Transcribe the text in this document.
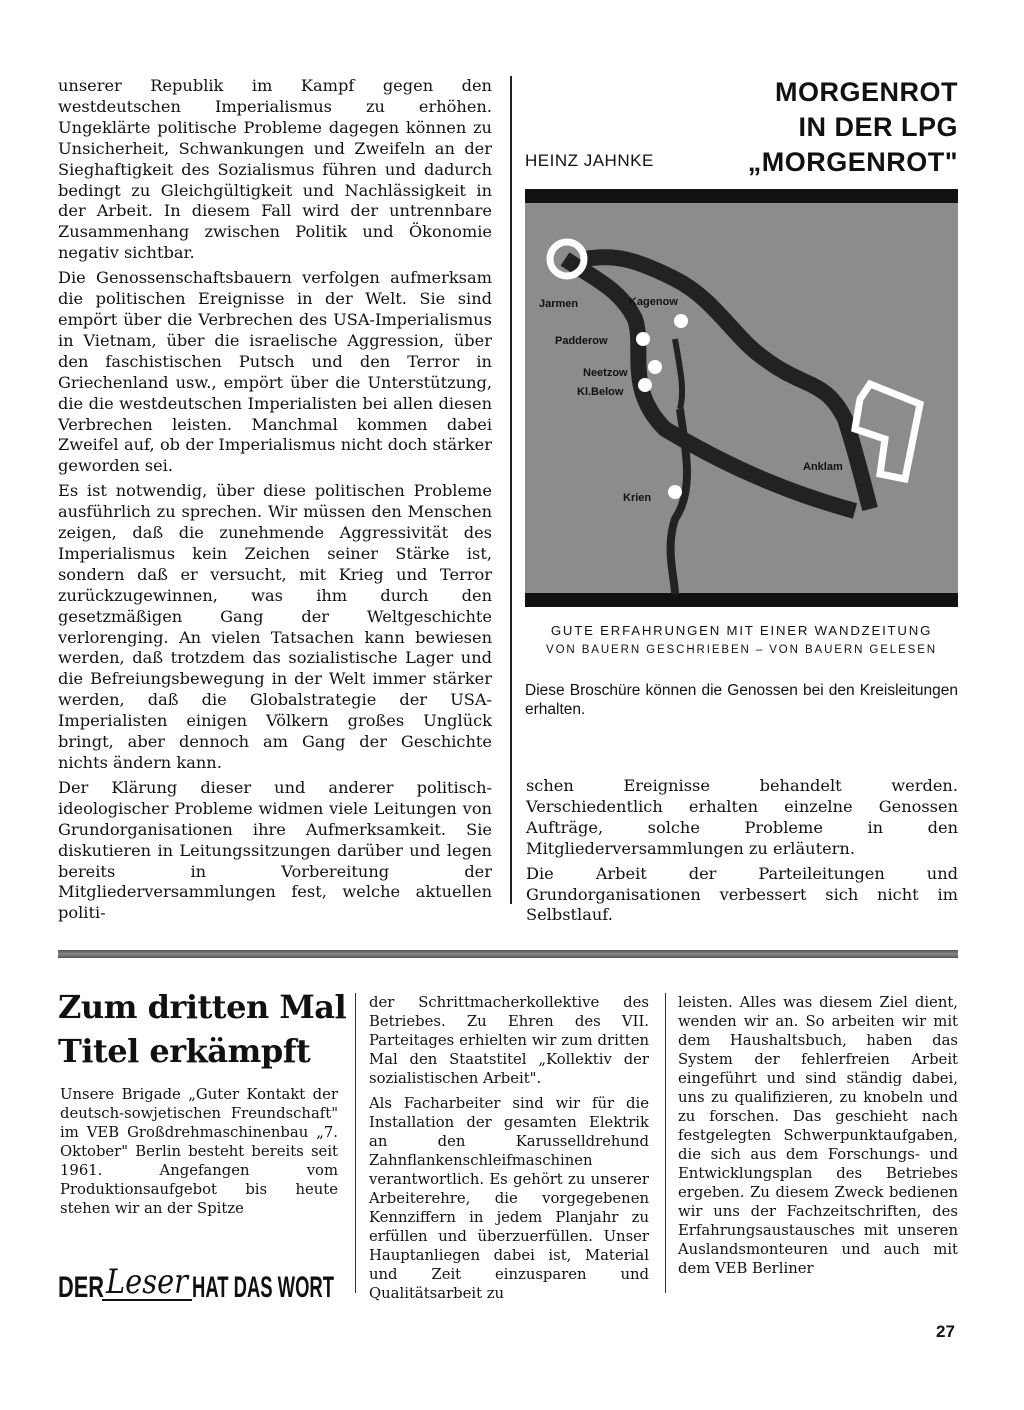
unserer Republik im Kampf gegen den westdeutschen Imperialismus zu erhöhen. Ungeklärte politische Probleme dagegen können zu Unsicherheit, Schwankungen und Zweifeln an der Sieghaftigkeit des Sozialismus führen und dadurch bedingt zu Gleichgültigkeit und Nachlässigkeit in der Arbeit. In diesem Fall wird der untrennbare Zusammenhang zwischen Politik und Ökonomie negativ sichtbar.

Die Genossenschaftsbauern verfolgen aufmerksam die politischen Ereignisse in der Welt. Sie sind empört über die Verbrechen des USA-Imperialismus in Vietnam, über die israelische Aggression, über den faschistischen Putsch und den Terror in Griechenland usw., empört über die Unterstützung, die die westdeutschen Imperialisten bei allen diesen Verbrechen leisten. Manchmal kommen dabei Zweifel auf, ob der Imperialismus nicht doch stärker geworden sei.

Es ist notwendig, über diese politischen Probleme ausführlich zu sprechen. Wir müssen den Menschen zeigen, daß die zunehmende Aggressivität des Imperialismus kein Zeichen seiner Stärke ist, sondern daß er versucht, mit Krieg und Terror zurückzugewinnen, was ihm durch den gesetzmäßigen Gang der Weltgeschichte verlorenging. An vielen Tatsachen kann bewiesen werden, daß trotzdem das sozialistische Lager und die Befreiungsbewegung in der Welt immer stärker werden, daß die Globalstrategie der USA-Imperialisten einigen Völkern großes Unglück bringt, aber dennoch am Gang der Geschichte nichts ändern kann.

Der Klärung dieser und anderer politisch-ideologischer Probleme widmen viele Leitungen von Grundorganisationen ihre Aufmerksamkeit. Sie diskutieren in Leitungssitzungen darüber und legen bereits in Vorbereitung der Mitgliederversammlungen fest, welche aktuellen politi-

MORGENROT

IN DER LPG

„MORGENROT"

HEINZ JAHNKE
Jarmen	Kagenow
Padderow
Neetzow
Kl.Below
Anklam
Krien
GUTE ERFAHRUNGEN MIT EINER WANDZEITUNG
VON BAUERN GESCHRIEBEN – VON BAUERN GELESEN
Diese Broschüre können die Genossen bei den Kreisleitungen erhalten.

schen Ereignisse behandelt werden. Verschiedentlich erhalten einzelne Genossen Aufträge, solche Probleme in den Mitgliederversammlungen zu erläutern.

Die Arbeit der Parteileitungen und Grundorganisationen verbessert sich nicht im Selbstlauf.

Zum dritten Mal
Titel erkämpft
Unsere Brigade „Guter Kontakt der deutsch-sowjetischen Freundschaft" im VEB Großdrehmaschinenbau „7. Oktober" Berlin besteht bereits seit 1961. Angefangen vom Produktionsaufgebot bis heute stehen wir an der Spitze
DER Leser HAT DAS WORT

der Schrittmacherkollektive des Betriebes. Zu Ehren des VII. Parteitages erhielten wir zum dritten Mal den Staatstitel „Kollektiv der sozialistischen Arbeit".

Als Facharbeiter sind wir für die Installation der gesamten Elektrik an den Karusselldrehund Zahnflankenschleifmaschinen verantwortlich. Es gehört zu unserer Arbeiterehre, die vorgegebenen Kennziffern in jedem Planjahr zu erfüllen und überzuerfüllen. Unser Hauptanliegen dabei ist, Material und Zeit einzusparen und Qualitätsarbeit zu

leisten. Alles was diesem Ziel dient, wenden wir an. So arbeiten wir mit dem Haushaltsbuch, haben das System der fehlerfreien Arbeit eingeführt und sind ständig dabei, uns zu qualifizieren, zu knobeln und zu forschen. Das geschieht nach festgelegten Schwerpunktaufgaben, die sich aus dem Forschungs- und Entwicklungsplan des Betriebes ergeben. Zu diesem Zweck bedienen wir uns der Fachzeitschriften, des Erfahrungsaustausches mit unseren Auslandsmonteuren und auch mit dem VEB Berliner
27
